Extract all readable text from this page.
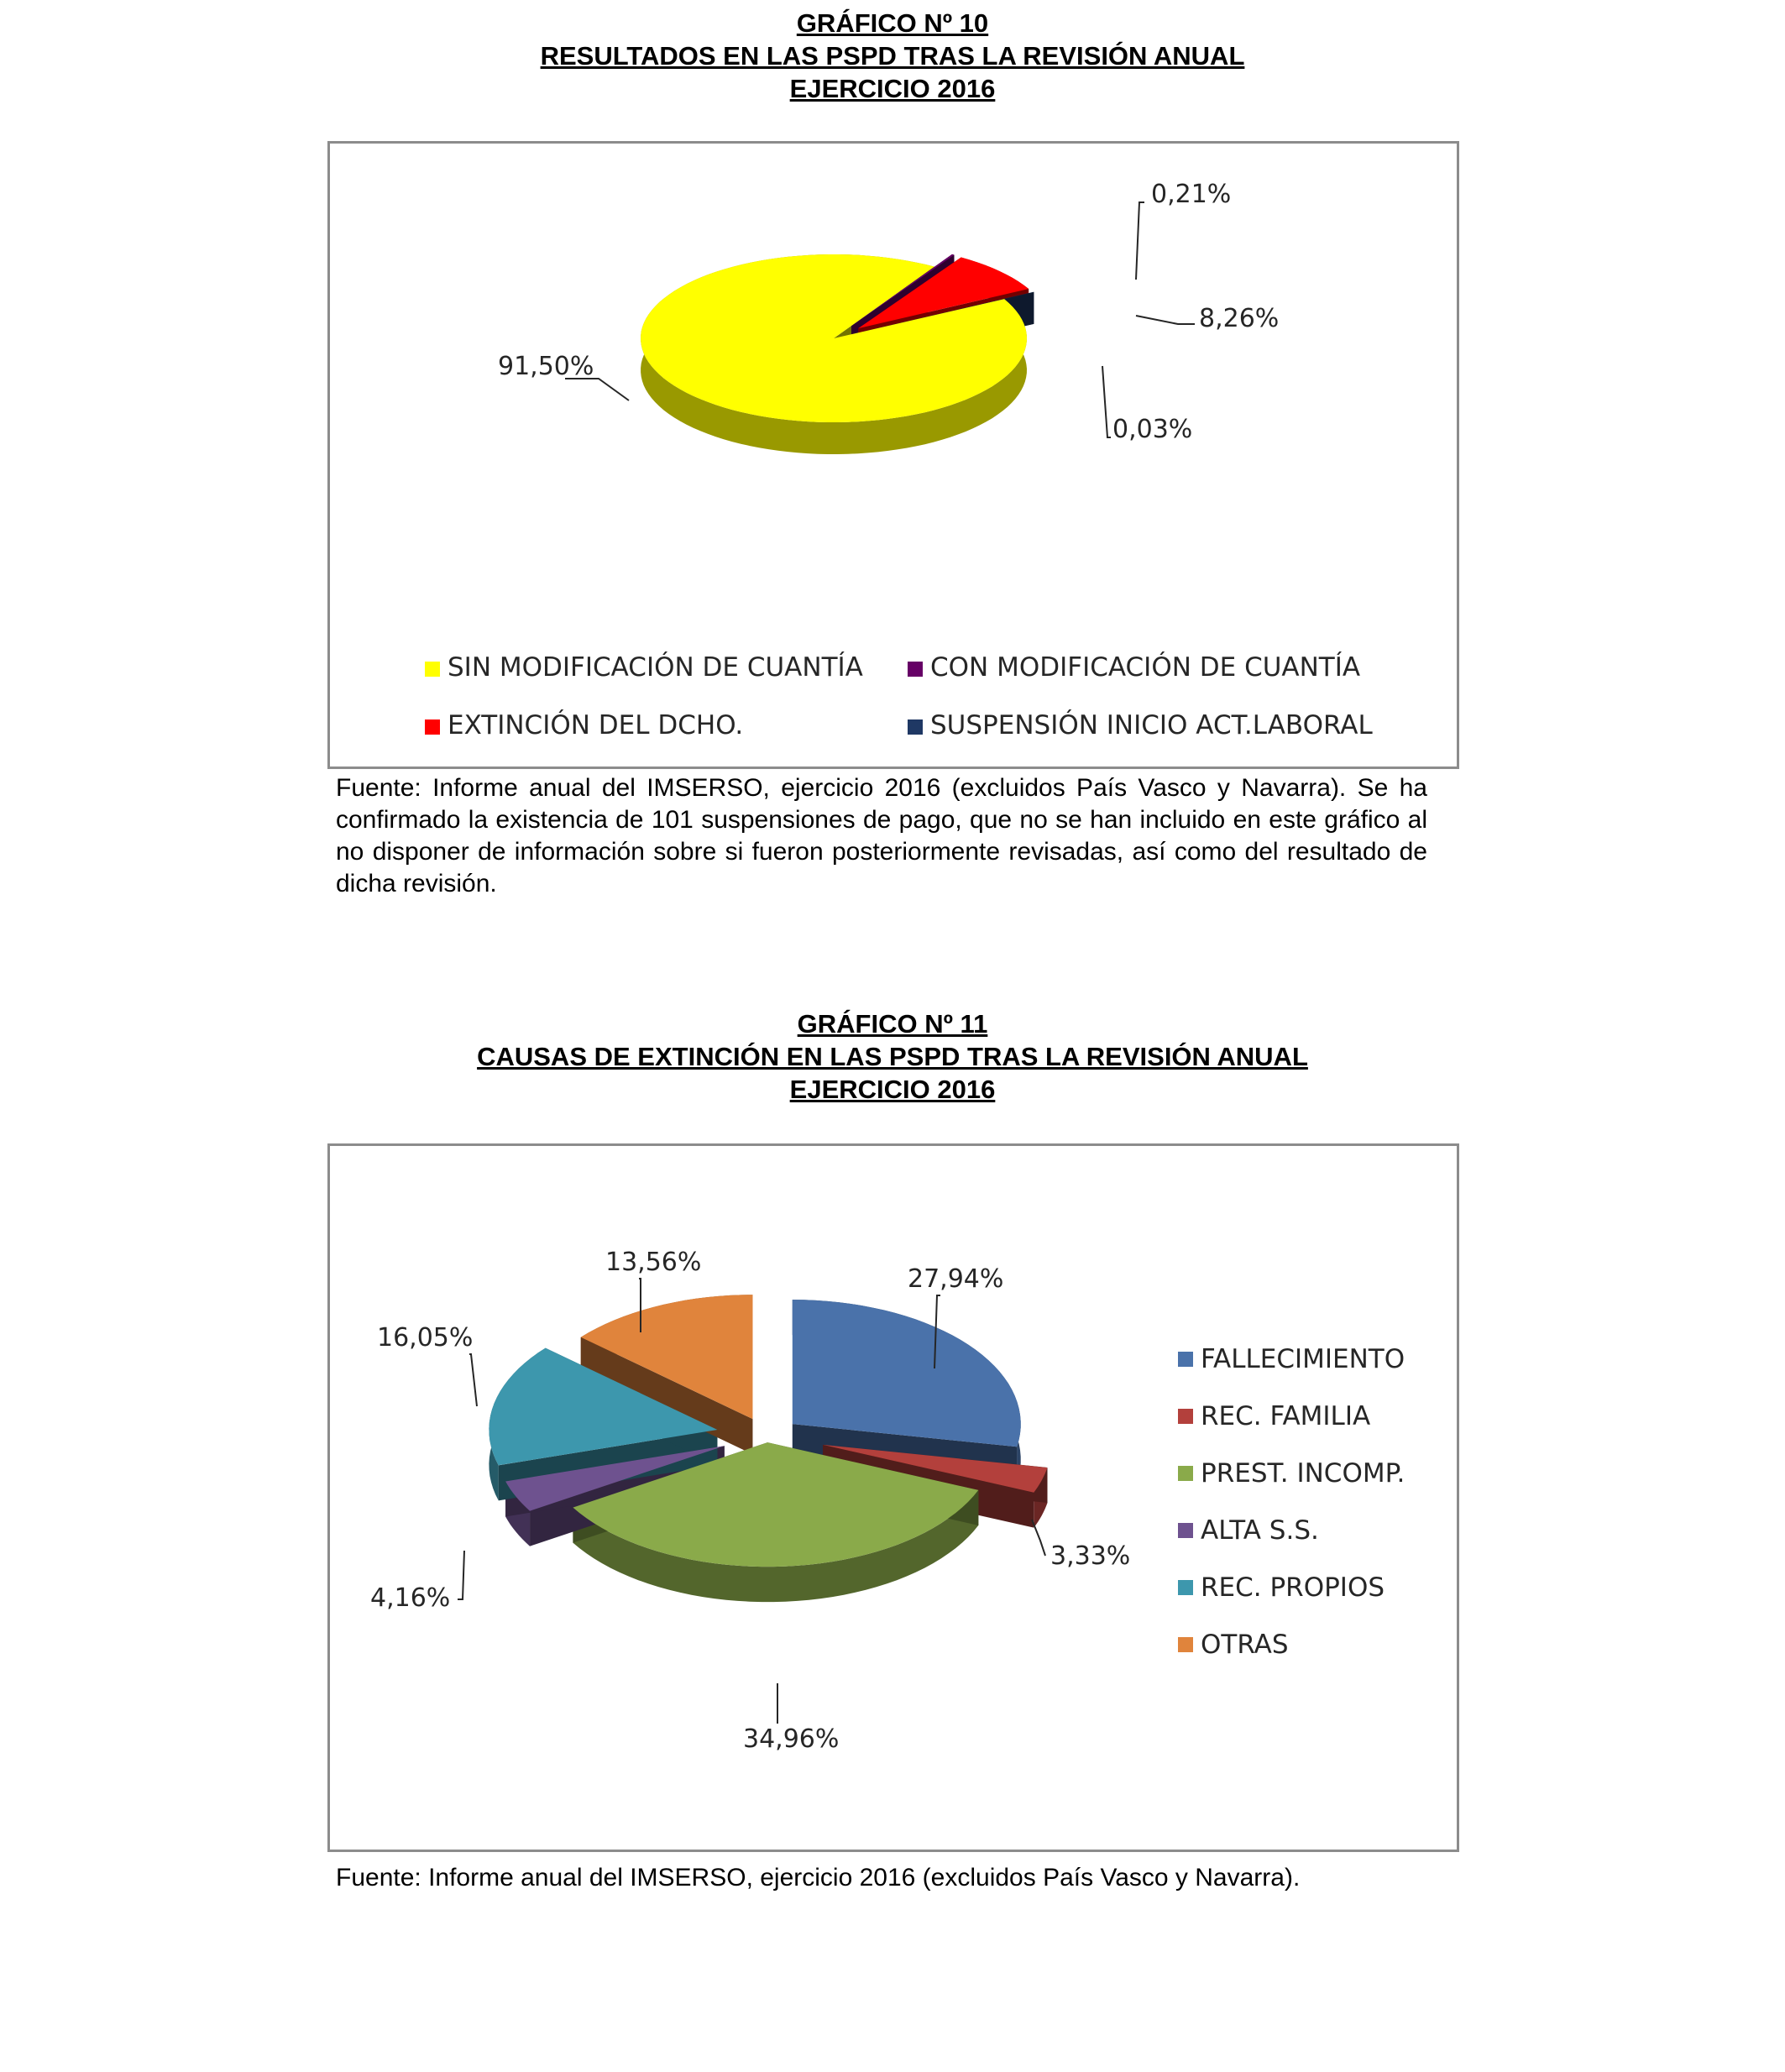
GRÁFICO Nº 10
RESULTADOS EN LAS PSPD TRAS LA REVISIÓN ANUAL
EJERCICIO 2016
91,50%
0,21%
8,26%
0,03%
SIN MODIFICACIÓN DE CUANTÍA	CON MODIFICACIÓN DE CUANTÍA
EXTINCIÓN DEL DCHO.	SUSPENSIÓN INICIO ACT.LABORAL
Fuente: Informe anual del IMSERSO, ejercicio 2016 (excluidos País Vasco y Navarra). Se ha confirmado la existencia de 101 suspensiones de pago, que no se han incluido en este gráfico al no disponer de información sobre si fueron posteriormente revisadas, así como del resultado de dicha revisión.
GRÁFICO Nº 11
CAUSAS DE EXTINCIÓN EN LAS PSPD TRAS LA REVISIÓN ANUAL
EJERCICIO 2016
27,94%
3,33%
34,96%
4,16%
16,05%
13,56%
FALLECIMIENTO
REC. FAMILIA
PREST. INCOMP.
ALTA S.S.
REC. PROPIOS
OTRAS
Fuente: Informe anual del IMSERSO, ejercicio 2016 (excluidos País Vasco y Navarra).
